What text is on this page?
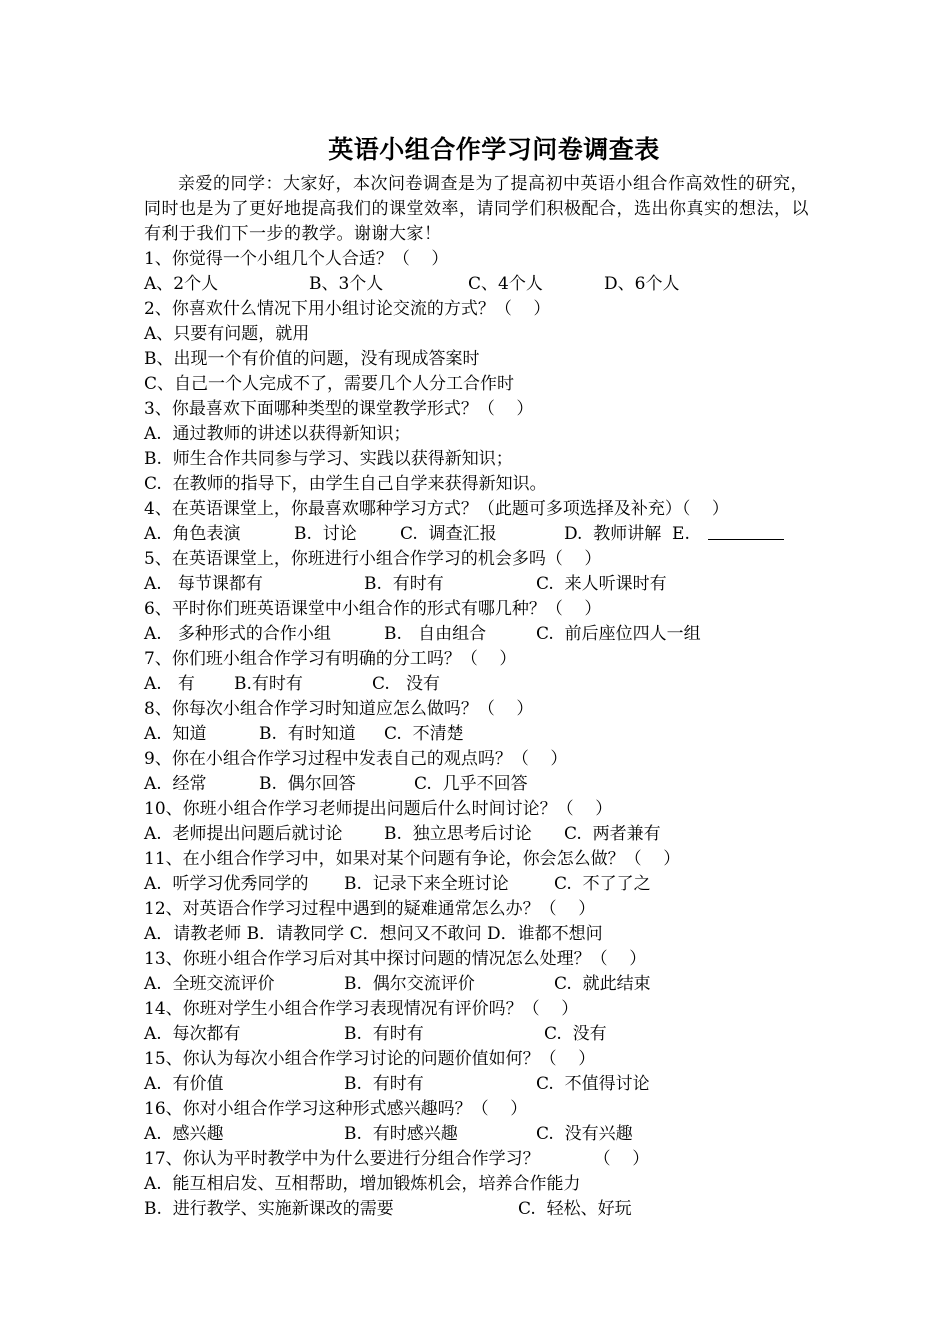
英语小组合作学习问卷调查表

亲爱的同学：大家好，本次问卷调查是为了提高初中英语小组合作高效性的研究，同时也是为了更好地提高我们的课堂效率，请同学们积极配合，选出你真实的想法，以有利于我们下一步的教学。谢谢大家！

1、你觉得一个小组几个人合适？（    ）
A、2个人	B、3个人	C、4个人	D、6个人
2、你喜欢什么情况下用小组讨论交流的方式？（    ）
A、只要有问题，就用
B、出现一个有价值的问题，没有现成答案时
C、自己一个人完成不了，需要几个人分工合作时
3、你最喜欢下面哪种类型的课堂教学形式？（    ）
A.  通过教师的讲述以获得新知识；
B.  师生合作共同参与学习、实践以获得新知识；
C.  在教师的指导下，由学生自己自学来获得新知识。
4、在英语课堂上，你最喜欢哪种学习方式？（此题可多项选择及补充）（    ）
A.  角色表演	B.  讨论	C.  调查汇报	D.  教师讲解  E.
5、在英语课堂上，你班进行小组合作学习的机会多吗（    ）
A.   每节课都有	B.  有时有	C.  来人听课时有
6、平时你们班英语课堂中小组合作的形式有哪几种？（    ）
A.   多种形式的合作小组	B.   自由组合	C.  前后座位四人一组
7、你们班小组合作学习有明确的分工吗？（    ）
A.   有 B.有时有	C.   没有
8、你每次小组合作学习时知道应怎么做吗？（    ）
A.  知道	B.  有时知道 C.  不清楚
9、你在小组合作学习过程中发表自己的观点吗？（    ）
A.  经常	B.  偶尔回答	C.  几乎不回答
10、你班小组合作学习老师提出问题后什么时间讨论？（    ）
A.  老师提出问题后就讨论 B.  独立思考后讨论 C.  两者兼有
11、在小组合作学习中，如果对某个问题有争论，你会怎么做？（    ）
A.  听学习优秀同学的 B.  记录下来全班讨论	C.  不了了之
12、对英语合作学习过程中遇到的疑难通常怎么办？（    ）
A．请教老师 B．请教同学 C．想问又不敢问 D．谁都不想问
13、你班小组合作学习后对其中探讨问题的情况怎么处理？（    ）
A.  全班交流评价	B.  偶尔交流评价	C.  就此结束
14、你班对学生小组合作学习表现情况有评价吗？（    ）
A.  每次都有	B.  有时有	C.  没有
15、你认为每次小组合作学习讨论的问题价值如何？（    ）
A.  有价值	B.  有时有	C.  不值得讨论
16、你对小组合作学习这种形式感兴趣吗？（    ）
A.  感兴趣	B.  有时感兴趣	C.  没有兴趣
17、你认为平时教学中为什么要进行分组合作学习？          （    ）
A.  能互相启发、互相帮助，增加锻炼机会，培养合作能力
B.  进行教学、实施新课改的需要	C.  轻松、好玩
